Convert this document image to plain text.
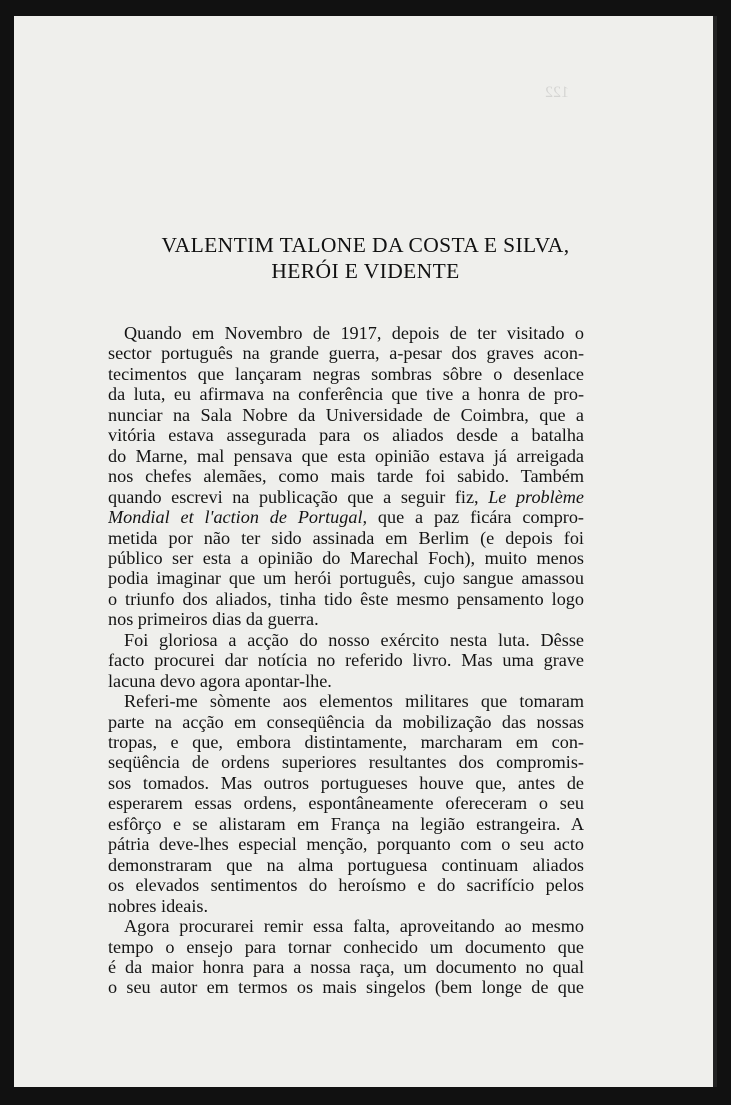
122
VALENTIM TALONE DA COSTA E SILVA,
HERÓI E VIDENTE
Quando em Novembro de 1917, depois de ter visitado o
sector português na grande guerra, a-pesar dos graves acon-
tecimentos que lançaram negras sombras sôbre o desenlace
da luta, eu afirmava na conferência que tive a honra de pro-
nunciar na Sala Nobre da Universidade de Coimbra, que a
vitória estava assegurada para os aliados desde a batalha
do Marne, mal pensava que esta opinião estava já arreigada
nos chefes alemães, como mais tarde foi sabido. Também
quando escrevi na publicação que a seguir fiz, Le problème
Mondial et l'action de Portugal, que a paz ficára compro-
metida por não ter sido assinada em Berlim (e depois foi
público ser esta a opinião do Marechal Foch), muito menos
podia imaginar que um herói português, cujo sangue amassou
o triunfo dos aliados, tinha tido êste mesmo pensamento logo
nos primeiros dias da guerra.
Foi gloriosa a acção do nosso exército nesta luta. Dêsse
facto procurei dar notícia no referido livro. Mas uma grave
lacuna devo agora apontar-lhe.
Referi-me sòmente aos elementos militares que tomaram
parte na acção em conseqüência da mobilização das nossas
tropas, e que, embora distintamente, marcharam em con-
seqüência de ordens superiores resultantes dos compromis-
sos tomados. Mas outros portugueses houve que, antes de
esperarem essas ordens, espontâneamente ofereceram o seu
esfôrço e se alistaram em França na legião estrangeira. A
pátria deve-lhes especial menção, porquanto com o seu acto
demonstraram que na alma portuguesa continuam aliados
os elevados sentimentos do heroísmo e do sacrifício pelos
nobres ideais.
Agora procurarei remir essa falta, aproveitando ao mesmo
tempo o ensejo para tornar conhecido um documento que
é da maior honra para a nossa raça, um documento no qual
o seu autor em termos os mais singelos (bem longe de que
